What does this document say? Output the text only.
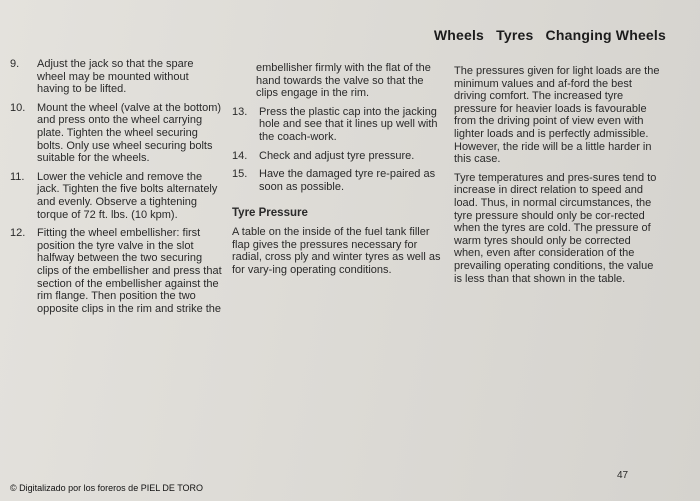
Wheels Tyres Changing Wheels
9.	Adjust the jack so that the spare wheel may be mounted without having to be lifted.
10.	Mount the wheel (valve at the bottom) and press onto the wheel carrying plate. Tighten the wheel securing bolts. Only use wheel securing bolts suitable for the wheels.
11.	Lower the vehicle and remove the jack. Tighten the five bolts alternately and evenly. Observe a tightening torque of 72 ft. lbs. (10 kpm).
12.	Fitting the wheel embellisher: first position the tyre valve in the slot halfway between the two securing clips of the embellisher and press that section of the embellisher against the rim flange. Then position the two opposite clips in the rim and strike the
embellisher firmly with the flat of the hand towards the valve so that the clips engage in the rim.
13.	Press the plastic cap into the jacking hole and see that it lines up well with the coach-work.
14.	Check and adjust tyre pressure.
15.	Have the damaged tyre re-paired as soon as possible.
Tyre Pressure

A table on the inside of the fuel tank filler flap gives the pressures necessary for radial, cross ply and winter tyres as well as for vary-ing operating conditions.

The pressures given for light loads are the minimum values and af-ford the best driving comfort. The increased tyre pressure for heavier loads is favourable from the driving point of view even with lighter loads and is perfectly admissible. However, the ride will be a little harder in this case.

Tyre temperatures and pres-sures tend to increase in direct relation to speed and load. Thus, in normal circumstances, the tyre pressure should only be cor-rected when the tyres are cold. The pressure of warm tyres should only be corrected when, even after consideration of the prevailing operating conditions, the value is less than that shown in the table.

47
© Digitalizado por los foreros de PIEL DE TORO
